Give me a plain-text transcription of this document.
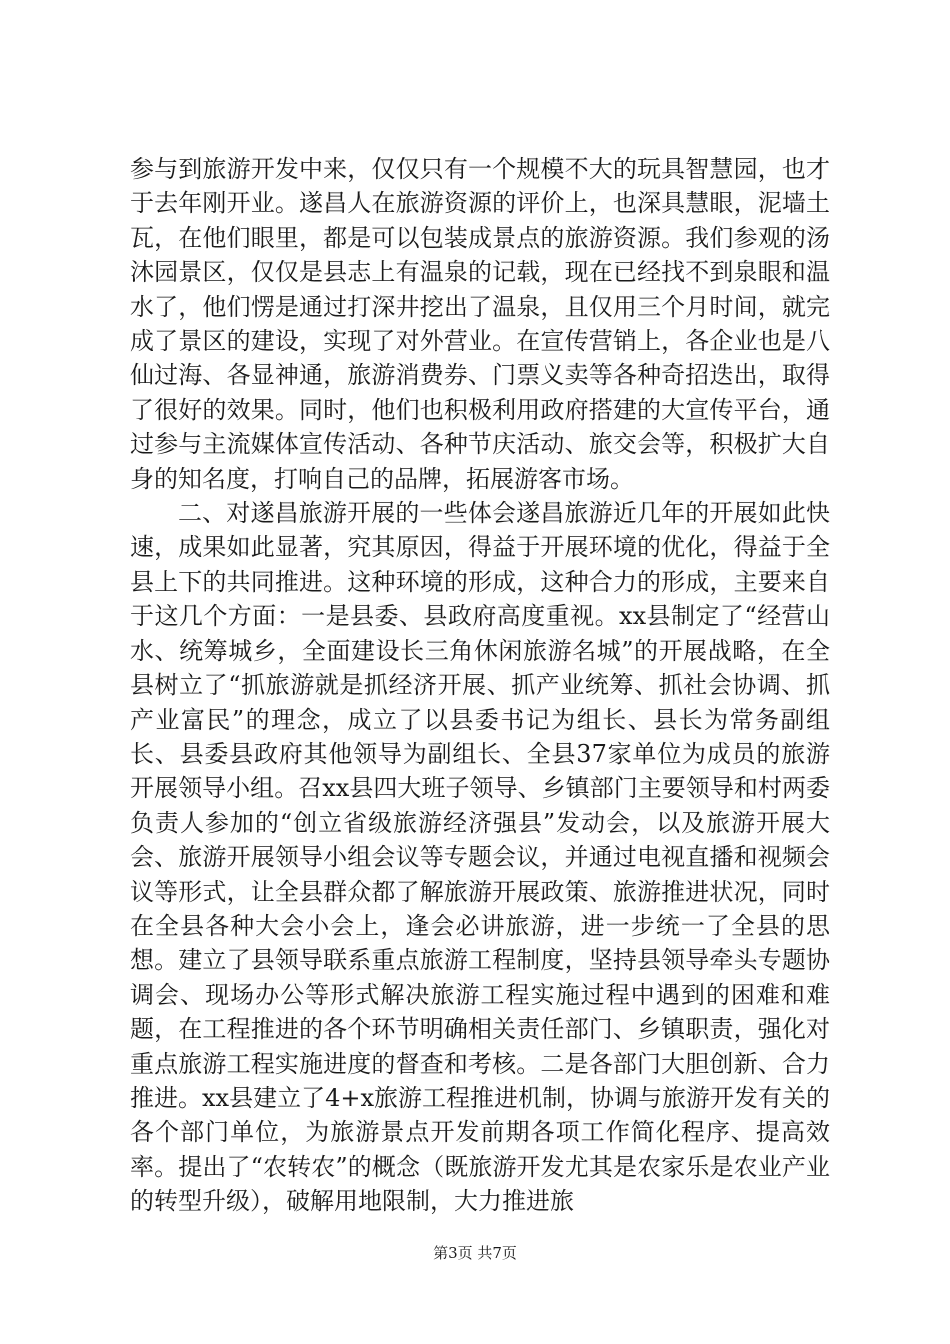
参与到旅游开发中来，仅仅只有一个规模不大的玩具智慧园，也才于去年刚开业。遂昌人在旅游资源的评价上，也深具慧眼，泥墙土瓦，在他们眼里，都是可以包装成景点的旅游资源。我们参观的汤沐园景区，仅仅是县志上有温泉的记载，现在已经找不到泉眼和温水了，他们愣是通过打深井挖出了温泉，且仅用三个月时间，就完成了景区的建设，实现了对外营业。在宣传营销上，各企业也是八仙过海、各显神通，旅游消费券、门票义卖等各种奇招迭出，取得了很好的效果。同时，他们也积极利用政府搭建的大宣传平台，通过参与主流媒体宣传活动、各种节庆活动、旅交会等，积极扩大自身的知名度，打响自己的品牌，拓展游客市场。

二、对遂昌旅游开展的一些体会遂昌旅游近几年的开展如此快速，成果如此显著，究其原因，得益于开展环境的优化，得益于全县上下的共同推进。这种环境的形成，这种合力的形成，主要来自于这几个方面：一是县委、县政府高度重视。xx县制定了“经营山水、统筹城乡，全面建设长三角休闲旅游名城”的开展战略，在全县树立了“抓旅游就是抓经济开展、抓产业统筹、抓社会协调、抓产业富民”的理念，成立了以县委书记为组长、县长为常务副组长、县委县政府其他领导为副组长、全县37家单位为成员的旅游开展领导小组。召xx县四大班子领导、乡镇部门主要领导和村两委负责人参加的“创立省级旅游经济强县”发动会，以及旅游开展大会、旅游开展领导小组会议等专题会议，并通过电视直播和视频会议等形式，让全县群众都了解旅游开展政策、旅游推进状况，同时在全县各种大会小会上，逢会必讲旅游，进一步统一了全县的思想。建立了县领导联系重点旅游工程制度，坚持县领导牵头专题协调会、现场办公等形式解决旅游工程实施过程中遇到的困难和难题，在工程推进的各个环节明确相关责任部门、乡镇职责，强化对重点旅游工程实施进度的督查和考核。二是各部门大胆创新、合力推进。xx县建立了4+x旅游工程推进机制，协调与旅游开发有关的各个部门单位，为旅游景点开发前期各项工作简化程序、提高效率。提出了“农转农”的概念（既旅游开发尤其是农家乐是农业产业的转型升级），破解用地限制，大力推进旅

第3页 共7页
